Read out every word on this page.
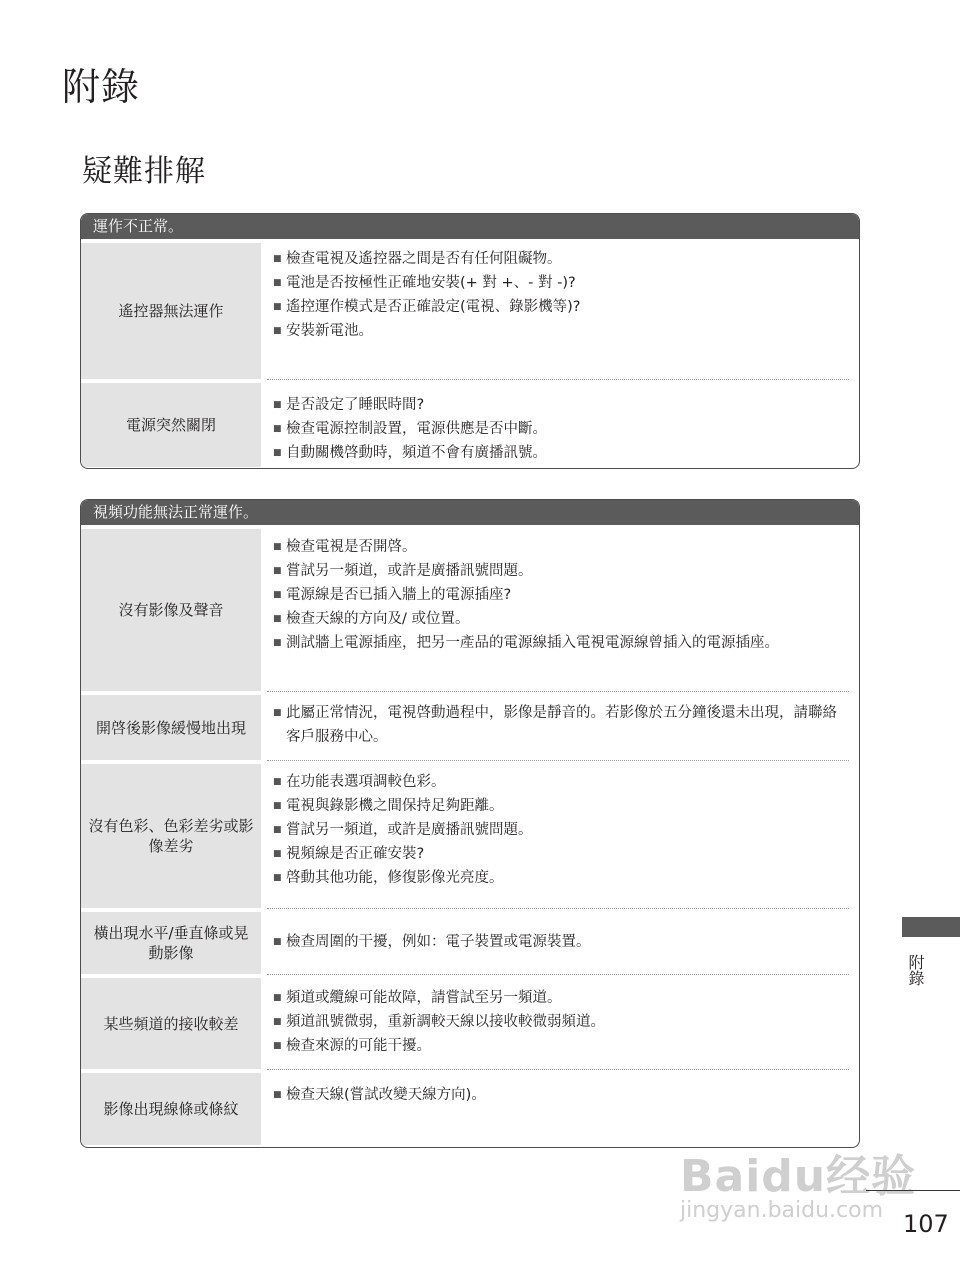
附錄
疑難排解
運作不正常。
遙控器無法運作
■ 檢查電視及遙控器之間是否有任何阻礙物。
■ 電池是否按極性正確地安裝(+ 對 +、- 對 -)?
■ 遙控運作模式是否正確設定(電視、錄影機等)?
■ 安裝新電池。
電源突然關閉
■ 是否設定了睡眠時間?
■ 檢查電源控制設置，電源供應是否中斷。
■ 自動關機啓動時，頻道不會有廣播訊號。
視頻功能無法正常運作。
沒有影像及聲音
■ 檢查電視是否開啓。
■ 嘗試另一頻道，或許是廣播訊號問題。
■ 電源線是否已插入牆上的電源插座?
■ 檢查天線的方向及/ 或位置。
■ 測試牆上電源插座，把另一產品的電源線插入電視電源線曾插入的電源插座。
開啓後影像緩慢地出現
■ 此屬正常情況，電視啓動過程中，影像是靜音的。若影像於五分鐘後還未出現，請聯絡客戶服務中心。
沒有色彩、色彩差劣或影像差劣
■ 在功能表選項調較色彩。
■ 電視與錄影機之間保持足夠距離。
■ 嘗試另一頻道，或許是廣播訊號問題。
■ 視頻線是否正確安裝?
■ 啓動其他功能，修復影像光亮度。
橫出現水平/垂直條或晃動影像
■ 檢查周圍的干擾，例如：電子裝置或電源裝置。
某些頻道的接收較差
■ 頻道或纜線可能故障，請嘗試至另一頻道。
■ 頻道訊號微弱，重新調較天線以接收較微弱頻道。
■ 檢查來源的可能干擾。
影像出現線條或條紋
■ 檢查天線(嘗試改變天線方向)。
附錄
Baidu经验
jingyan.baidu.com 107
